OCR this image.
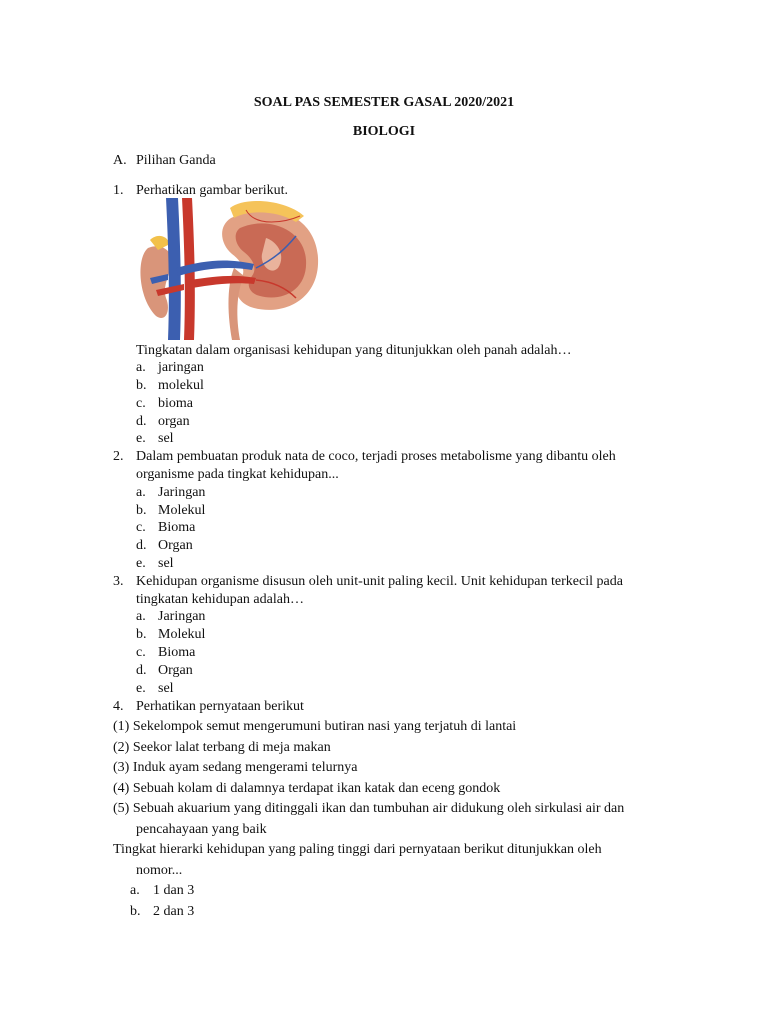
SOAL PAS SEMESTER GASAL 2020/2021
BIOLOGI
A. Pilihan Ganda
1. Perhatikan gambar berikut.
Tingkatan dalam organisasi kehidupan yang ditunjukkan oleh panah adalah…
a. jaringan
b. molekul
c. bioma
d. organ
e. sel
2. Dalam pembuatan produk nata de coco, terjadi proses metabolisme yang dibantu oleh
organisme pada tingkat kehidupan...
a. Jaringan
b. Molekul
c. Bioma
d. Organ
e. sel
3. Kehidupan organisme disusun oleh unit-unit paling kecil. Unit kehidupan terkecil pada
tingkatan kehidupan adalah…
a. Jaringan
b. Molekul
c. Bioma
d. Organ
e. sel
4. Perhatikan pernyataan berikut
(1) Sekelompok semut mengerumuni butiran nasi yang terjatuh di lantai
(2) Seekor lalat terbang di meja makan
(3) Induk ayam sedang mengerami telurnya
(4) Sebuah kolam di dalamnya terdapat ikan katak dan eceng gondok
(5) Sebuah akuarium yang ditinggali ikan dan tumbuhan air didukung oleh sirkulasi air dan
pencahayaan yang baik
Tingkat hierarki kehidupan yang paling tinggi dari pernyataan berikut ditunjukkan oleh
nomor...
a. 1 dan 3
b. 2 dan 3
